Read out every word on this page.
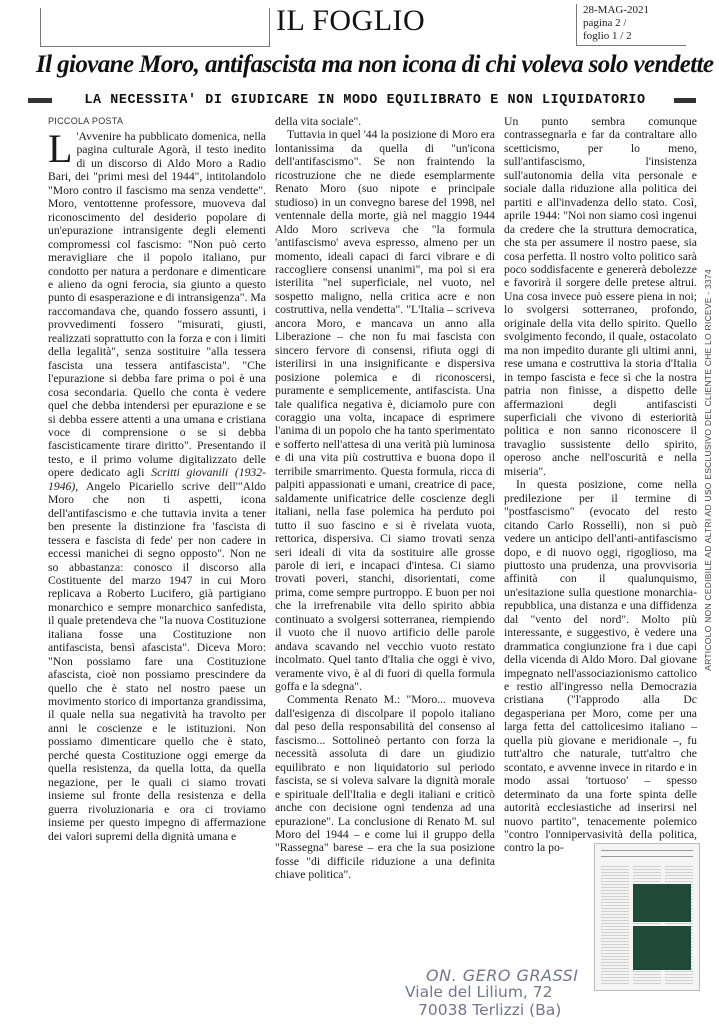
IL FOGLIO	28-MAG-2021
pagina 2 /
foglio 1 / 2
Il giovane Moro, antifascista ma non icona di chi voleva solo vendette
LA NECESSITA' DI GIUDICARE IN MODO EQUILIBRATO E NON LIQUIDATORIO
PICCOLA POSTA

L 'Avvenire ha pubblicato domenica, nella pagina culturale Agorà, il testo inedito di un discorso di Aldo Moro a Radio Bari, dei "primi mesi del 1944", intitolandolo "Moro contro il fascismo ma senza vendette". Moro, ventottenne professore, muoveva dal riconoscimento del desiderio popolare di un'epurazione intransigente degli elementi compromessi col fascismo: "Non può certo meravigliare che il popolo italiano, pur condotto per natura a perdonare e dimenticare e alieno da ogni ferocia, sia giunto a questo punto di esasperazione e di intransigenza". Ma raccomandava che, quando fossero assunti, i provvedimenti fossero "misurati, giusti, realizzati soprattutto con la forza e con i limiti della legalità", senza sostituire "alla tessera fascista una tessera antifascista". "Che l'epurazione si debba fare prima o poi è una cosa secondaria. Quello che conta è vedere quel che debba intendersi per epurazione e se si debba essere attenti a una umana e cristiana voce di comprensione o se si debba fascisticamente tirare diritto". Presentando il testo, e il primo volume digitalizzato delle opere dedicato agli Scritti giovanili (1932-1946), Angelo Picariello scrive dell'"Aldo Moro che non ti aspetti, icona dell'antifascismo e che tuttavia invita a tener ben presente la distinzione fra 'fascista di tessera e fascista di fede' per non cadere in eccessi manichei di segno opposto". Non ne so abbastanza: conosco il discorso alla Costituente del marzo 1947 in cui Moro replicava a Roberto Lucifero, già partigiano monarchico e sempre monarchico sanfedista, il quale pretendeva che "la nuova Costituzione italiana fosse una Costituzione non antifascista, bensì afascista". Diceva Moro: "Non possiamo fare una Costituzione afascista, cioè non possiamo prescindere da quello che è stato nel nostro paese un movimento storico di importanza grandissima, il quale nella sua negatività ha travolto per anni le coscienze e le istituzioni. Non possiamo dimenticare quello che è stato, perché questa Costituzione oggi emerge da quella resistenza, da quella lotta, da quella negazione, per le quali ci siamo trovati insieme sul fronte della resistenza e della guerra rivoluzionaria e ora ci troviamo insieme per questo impegno di affermazione dei valori supremi della dignità umana e

della vita sociale".

Tuttavia in quel '44 la posizione di Moro era lontanissima da quella di "un'icona dell'antifascismo". Se non fraintendo la ricostruzione che ne diede esemplarmente Renato Moro (suo nipote e principale studioso) in un convegno barese del 1998, nel ventennale della morte, già nel maggio 1944 Aldo Moro scriveva che "la formula 'antifascismo' aveva espresso, almeno per un momento, ideali capaci di farci vibrare e di raccogliere consensi unanimi", ma poi si era isterilita "nel superficiale, nel vuoto, nel sospetto maligno, nella critica acre e non costruttiva, nella vendetta". "L'Italia – scriveva ancora Moro, e mancava un anno alla Liberazione – che non fu mai fascista con sincero fervore di consensi, rifiuta oggi di isterilirsi in una insignificante e dispersiva posizione polemica e di riconoscersi, puramente e semplicemente, antifascista. Una tale qualifica negativa è, diciamolo pure con coraggio una volta, incapace di esprimere l'anima di un popolo che ha tanto sperimentato e sofferto nell'attesa di una verità più luminosa e di una vita più costruttiva e buona dopo il terribile smarrimento. Questa formula, ricca di palpiti appassionati e umani, creatrice di pace, saldamente unificatrice delle coscienze degli italiani, nella fase polemica ha perduto poi tutto il suo fascino e si è rivelata vuota, rettorica, dispersiva. Ci siamo trovati senza seri ideali di vita da sostituire alle grosse parole di ieri, e incapaci d'intesa. Ci siamo trovati poveri, stanchi, disorientati, come prima, come sempre purtroppo. E buon per noi che la irrefrenabile vita dello spirito abbia continuato a svolgersi sotterranea, riempiendo il vuoto che il nuovo artificio delle parole andava scavando nel vecchio vuoto restato incolmato. Quel tanto d'Italia che oggi è vivo, veramente vivo, è al di fuori di quella formula goffa e la sdegna".

Commenta Renato M.: "Moro... muoveva dall'esigenza di discolpare il popolo italiano dal peso della responsabilità del consenso al fascismo... Sottolineò pertanto con forza la necessità assoluta di dare un giudizio equilibrato e non liquidatorio sul periodo fascista, se si voleva salvare la dignità morale e spirituale dell'Italia e degli italiani e criticò anche con decisione ogni tendenza ad una epurazione". La conclusione di Renato M. sul Moro del 1944 – e come lui il gruppo della "Rassegna" barese – era che la sua posizione fosse "di difficile riduzione a una definita chiave politica".

Un punto sembra comunque contrassegnarla e far da contraltare allo scetticismo, per lo meno, sull'antifascismo, l'insistenza sull'autonomia della vita personale e sociale dalla riduzione alla politica dei partiti e all'invadenza dello stato. Così, aprile 1944: "Noi non siamo così ingenui da credere che la struttura democratica, che sta per assumere il nostro paese, sia cosa perfetta. Il nostro volto politico sarà poco soddisfacente e genererà debolezze e favorirà il sorgere delle pretese altrui. Una cosa invece può essere piena in noi; lo svolgersi sotterraneo, profondo, originale della vita dello spirito. Quello svolgimento fecondo, il quale, ostacolato ma non impedito durante gli ultimi anni, rese umana e costruttiva la storia d'Italia in tempo fascista e fece sì che la nostra patria non finisse, a dispetto delle affermazioni degli antifascisti superficiali che vivono di esteriorità politica e non sanno riconoscere il travaglio sussistente dello spirito, operoso anche nell'oscurità e nella miseria".

In questa posizione, come nella predilezione per il termine di "postfascismo" (evocato del resto citando Carlo Rosselli), non si può vedere un anticipo dell'anti-antifascismo dopo, e di nuovo oggi, rigoglioso, ma piuttosto una prudenza, una provvisoria affinità con il qualunquismo, un'esitazione sulla questione monarchia-repubblica, una distanza e una diffidenza dal "vento del nord". Molto più interessante, e suggestivo, è vedere una drammatica congiunzione fra i due capi della vicenda di Aldo Moro. Dal giovane impegnato nell'associazionismo cattolico e restio all'ingresso nella Democrazia cristiana ("l'approdo alla Dc degasperiana per Moro, come per una larga fetta del cattolicesimo italiano – quella più giovane e meridionale –, fu tutt'altro che naturale, tutt'altro che scontato, e avvenne invece in ritardo e in modo assai 'tortuoso' – spesso determinato da una forte spinta delle autorità ecclesiastiche ad inserirsi nel nuovo partito", tenacemente polemico "contro l'onnipervasività della politica, contro la po-

ARTICOLO NON CEDIBILE AD ALTRI AD USO ESCLUSIVO DEL CLIENTE CHE LO RICEVE - 3374
ON. GERO GRASSI
Viale del Lilium, 72
70038 Terlizzi (Ba)
